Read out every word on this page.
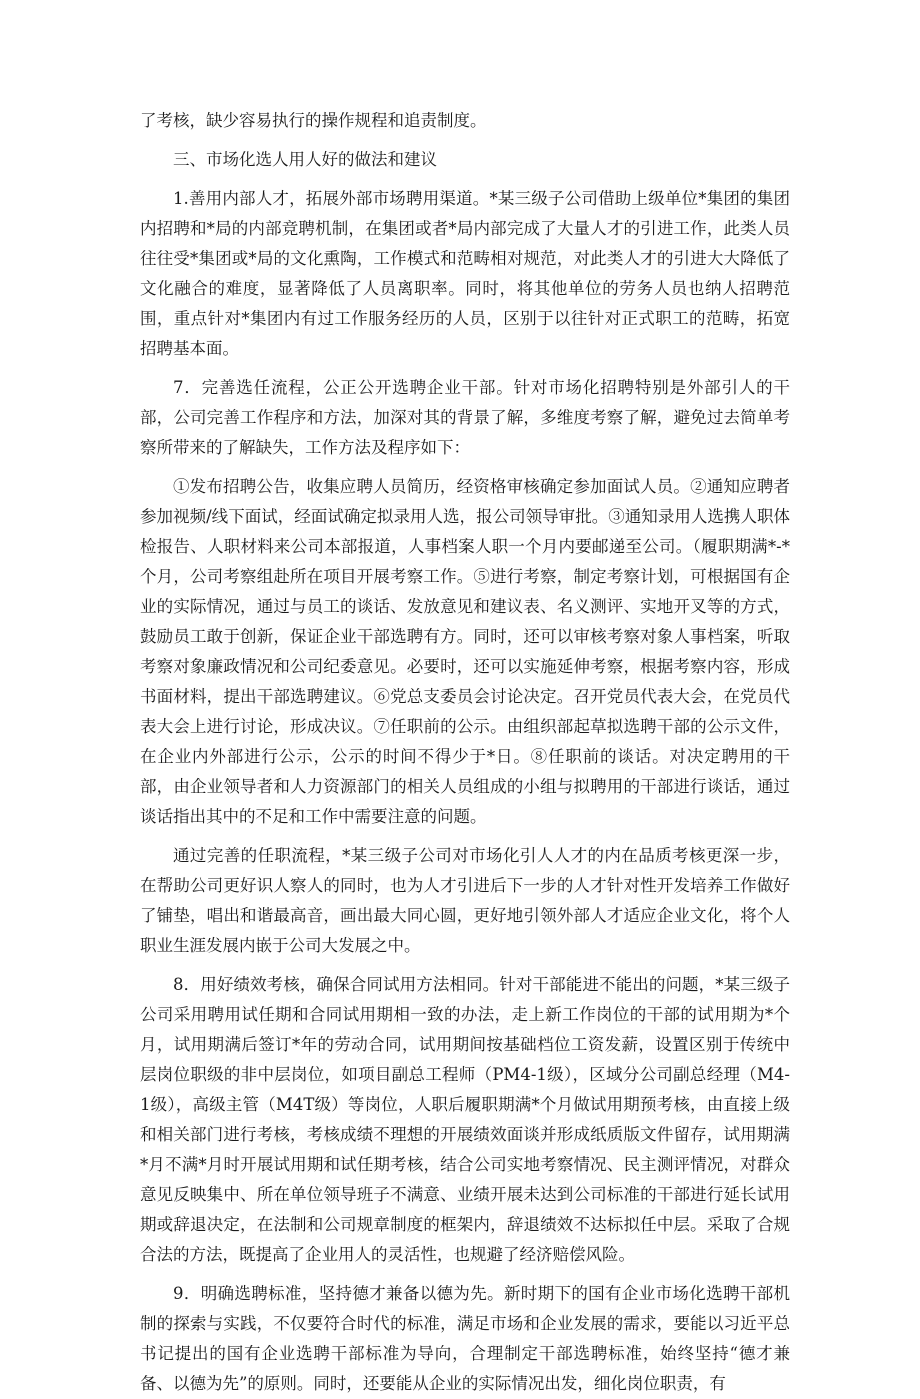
了考核，缺少容易执行的操作规程和追责制度。

三、市场化选人用人好的做法和建议

1.善用内部人才，拓展外部市场聘用渠道。*某三级子公司借助上级单位*集团的集团内招聘和*局的内部竞聘机制，在集团或者*局内部完成了大量人才的引进工作，此类人员往往受*集团或*局的文化熏陶，工作模式和范畴相对规范，对此类人才的引进大大降低了文化融合的难度，显著降低了人员离职率。同时，将其他单位的劳务人员也纳人招聘范围，重点针对*集团内有过工作服务经历的人员，区别于以往针对正式职工的范畴，拓宽招聘基本面。

7．完善选任流程，公正公开选聘企业干部。针对市场化招聘特别是外部引人的干部，公司完善工作程序和方法，加深对其的背景了解，多维度考察了解，避免过去简单考察所带来的了解缺失，工作方法及程序如下：

①发布招聘公告，收集应聘人员简历，经资格审核确定参加面试人员。②通知应聘者参加视频/线下面试，经面试确定拟录用人选，报公司领导审批。③通知录用人选携人职体检报告、人职材料来公司本部报道，人事档案人职一个月内要邮递至公司。（履职期满*-*个月，公司考察组赴所在项目开展考察工作。⑤进行考察，制定考察计划，可根据国有企业的实际情况，通过与员工的谈话、发放意见和建议表、名义测评、实地开叉等的方式，鼓励员工敢于创新，保证企业干部选聘有方。同时，还可以审核考察对象人事档案，听取考察对象廉政情况和公司纪委意见。必要时，还可以实施延伸考察，根据考察内容，形成书面材料，提出干部选聘建议。⑥党总支委员会讨论决定。召开党员代表大会，在党员代表大会上进行讨论，形成决议。⑦任职前的公示。由组织部起草拟选聘干部的公示文件，在企业内外部进行公示，公示的时间不得少于*日。⑧任职前的谈话。对决定聘用的干部，由企业领导者和人力资源部门的相关人员组成的小组与拟聘用的干部进行谈话，通过谈话指出其中的不足和工作中需要注意的问题。

通过完善的任职流程，*某三级子公司对市场化引人人才的内在品质考核更深一步，在帮助公司更好识人察人的同时，也为人才引进后下一步的人才针对性开发培养工作做好了铺垫，唱出和谐最高音，画出最大同心圆，更好地引领外部人才适应企业文化，将个人职业生涯发展内嵌于公司大发展之中。

8．用好绩效考核，确保合同试用方法相同。针对干部能进不能出的问题，*某三级子公司采用聘用试任期和合同试用期相一致的办法，走上新工作岗位的干部的试用期为*个月，试用期满后签订*年的劳动合同，试用期间按基础档位工资发薪，设置区别于传统中层岗位职级的非中层岗位，如项目副总工程师（PM4-1级），区域分公司副总经理（M4-1级），高级主管（M4T级）等岗位，人职后履职期满*个月做试用期预考核，由直接上级和相关部门进行考核，考核成绩不理想的开展绩效面谈并形成纸质版文件留存，试用期满*月不满*月时开展试用期和试任期考核，结合公司实地考察情况、民主测评情况，对群众意见反映集中、所在单位领导班子不满意、业绩开展未达到公司标准的干部进行延长试用期或辞退决定，在法制和公司规章制度的框架内，辞退绩效不达标拟任中层。采取了合规合法的方法，既提高了企业用人的灵活性，也规避了经济赔偿风险。

9．明确选聘标准，坚持德才兼备以德为先。新时期下的国有企业市场化选聘干部机制的探索与实践，不仅要符合时代的标准，满足市场和企业发展的需求，要能以习近平总书记提出的国有企业选聘干部标准为导向，合理制定干部选聘标准，始终坚持“德才兼备、以德为先”的原则。同时，还要能从企业的实际情况出发，细化岗位职责，有
